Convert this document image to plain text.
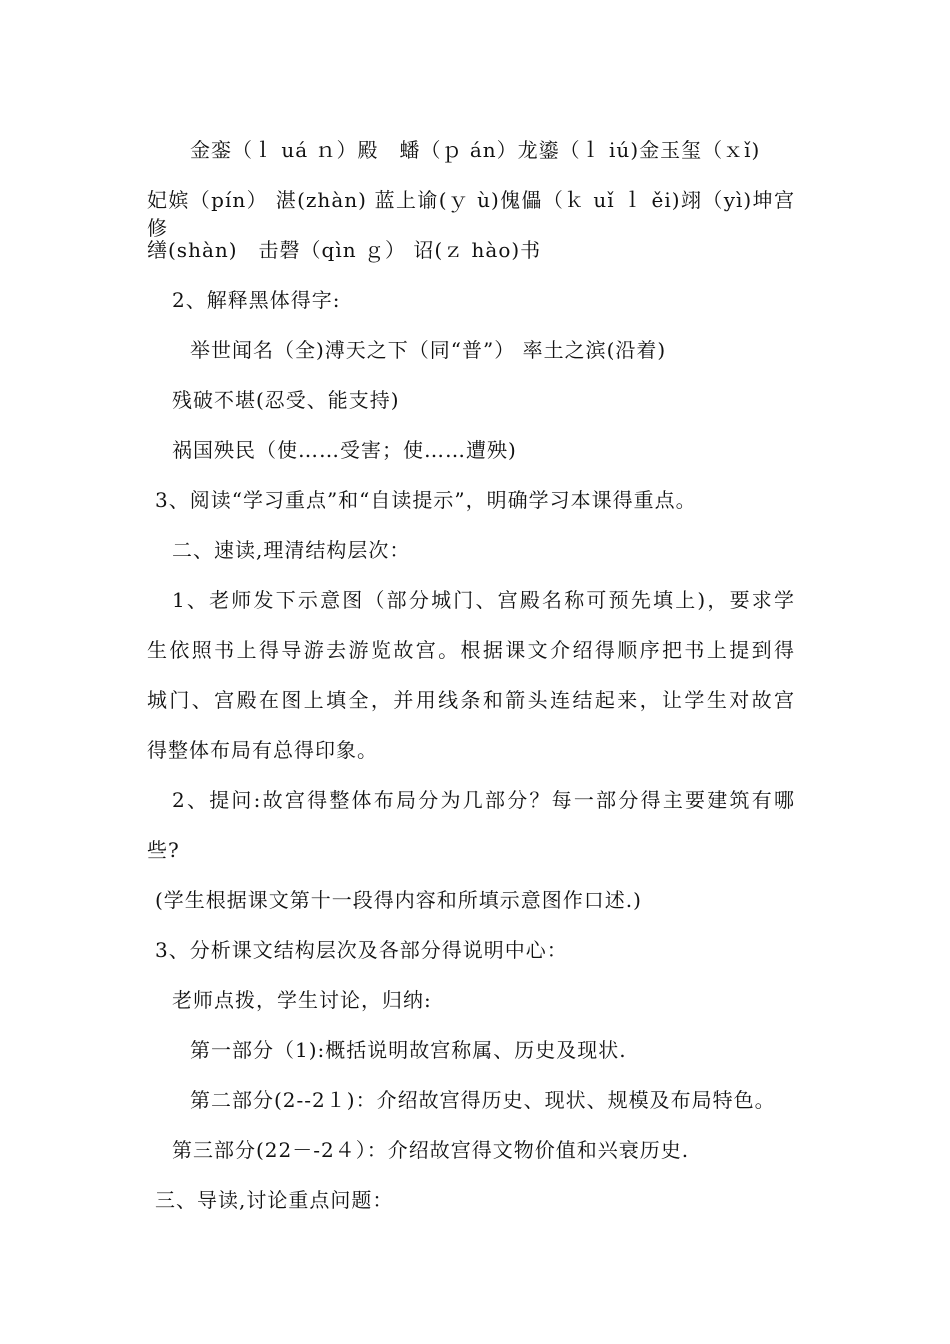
金銮（ｌ uá ｎ）殿　蟠（ｐ án）龙鎏（ｌ iú)金玉玺（ｘǐ)
妃嫔（pín） 湛(zhàn) 蓝上谕(ｙ ù)傀儡（ｋ uǐ ｌ ěi)翊（yì)坤宫修
缮(shàn)　击磬（qìn ｇ） 诏(ｚ hào)书
2、解释黑体得字:
举世闻名（全)溥天之下（同“普”） 率土之滨(沿着)
残破不堪(忍受、能支持)
祸国殃民（使……受害；使……遭殃)
3、阅读“学习重点”和“自读提示”，明确学习本课得重点。
二、速读,理清结构层次：
1、老师发下示意图（部分城门、宫殿名称可预先填上)，要求学
生依照书上得导游去游览故宫。根据课文介绍得顺序把书上提到得
城门、宫殿在图上填全，并用线条和箭头连结起来，让学生对故宫
得整体布局有总得印象。
2、提问:故宫得整体布局分为几部分？每一部分得主要建筑有哪
些?
(学生根据课文第十一段得内容和所填示意图作口述.)
3、分析课文结构层次及各部分得说明中心：
老师点拨，学生讨论，归纳:
第一部分（1):概括说明故宫称属、历史及现状.
第二部分(2--2１)：介绍故宫得历史、现状、规模及布局特色。
第三部分(22－-2４）：介绍故宫得文物价值和兴衰历史.
三、导读,讨论重点问题：
